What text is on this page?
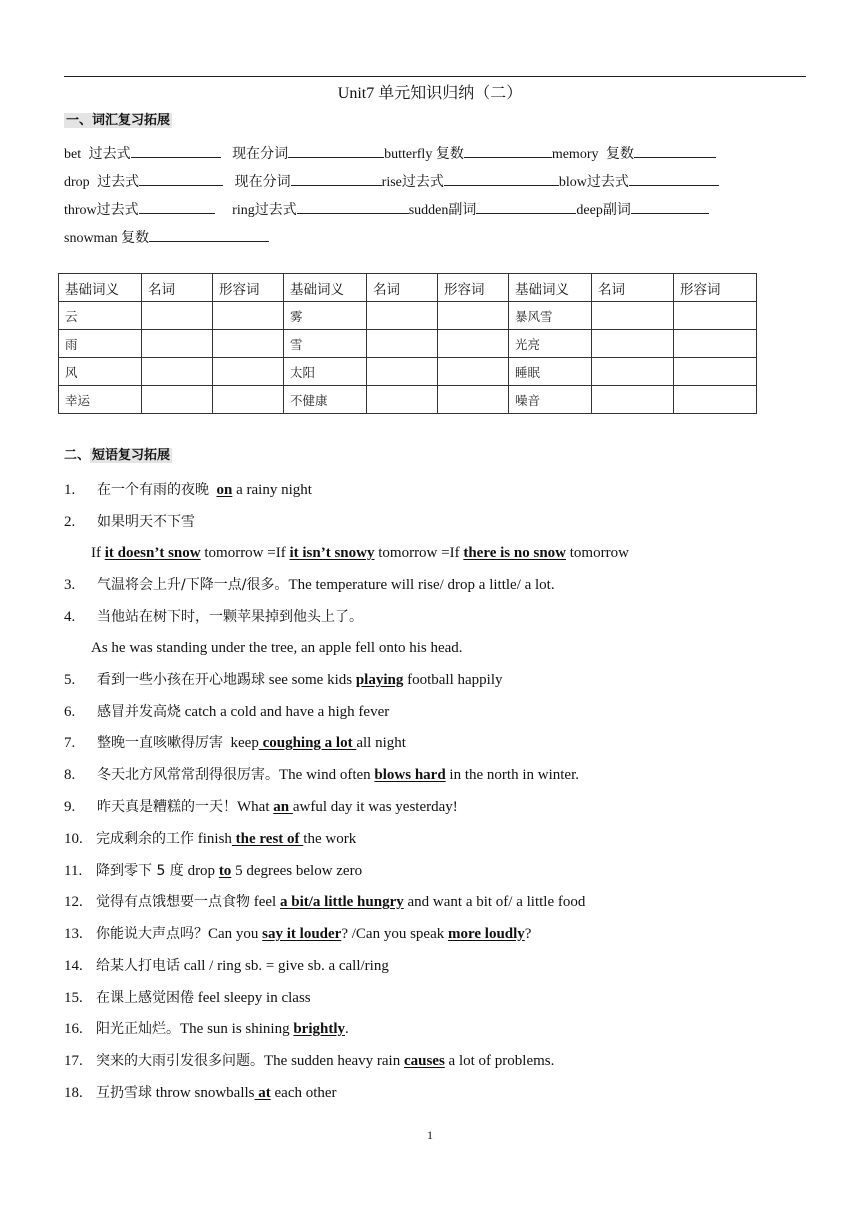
Unit7 单元知识归纳（二）
一、词汇复习拓展
bet 过去式	现在分词	butterfly 复数	memory 复数
drop 过去式	现在分词	rise过去式	blow过去式
throw过去式	ring过去式	sudden副词	deep副词
snowman 复数
基础词义	名词	形容词	基础词义	名词	形容词	基础词义	名词	形容词
云			雾			暴风雪		
雨			雪			光亮		
风			太阳			睡眠		
幸运			不健康			噪音		
二、 短语复习拓展
1. 在一个有雨的夜晚 on a rainy night
2. 如果明天不下雪
If it doesn’t snow tomorrow =If it isn’t snowy tomorrow =If there is no snow tomorrow
3. 气温将会上升/下降一点/很多。The temperature will rise/ drop a little/ a lot.
4. 当他站在树下时，一颗苹果掉到他头上了。
As he was standing under the tree, an apple fell onto his head.
5. 看到一些小孩在开心地踢球 see some kids playing football happily
6. 感冒并发高烧 catch a cold and have a high fever
7. 整晚一直咳嗽得厉害 keep coughing a lot all night
8. 冬天北方风常常刮得很厉害。The wind often blows hard in the north in winter.
9. 昨天真是糟糕的一天！What an awful day it was yesterday!
10. 完成剩余的工作 finish the rest of the work
11. 降到零下 5 度 drop to 5 degrees below zero
12. 觉得有点饿想要一点食物 feel a bit/a little hungry and want a bit of/ a little food
13. 你能说大声点吗？Can you say it louder? /Can you speak more loudly?
14. 给某人打电话 call / ring sb. = give sb. a call/ring
15. 在课上感觉困倦 feel sleepy in class
16. 阳光正灿烂。The sun is shining brightly.
17. 突来的大雨引发很多问题。The sudden heavy rain causes a lot of problems.
18. 互扔雪球 throw snowballs at each other
1
